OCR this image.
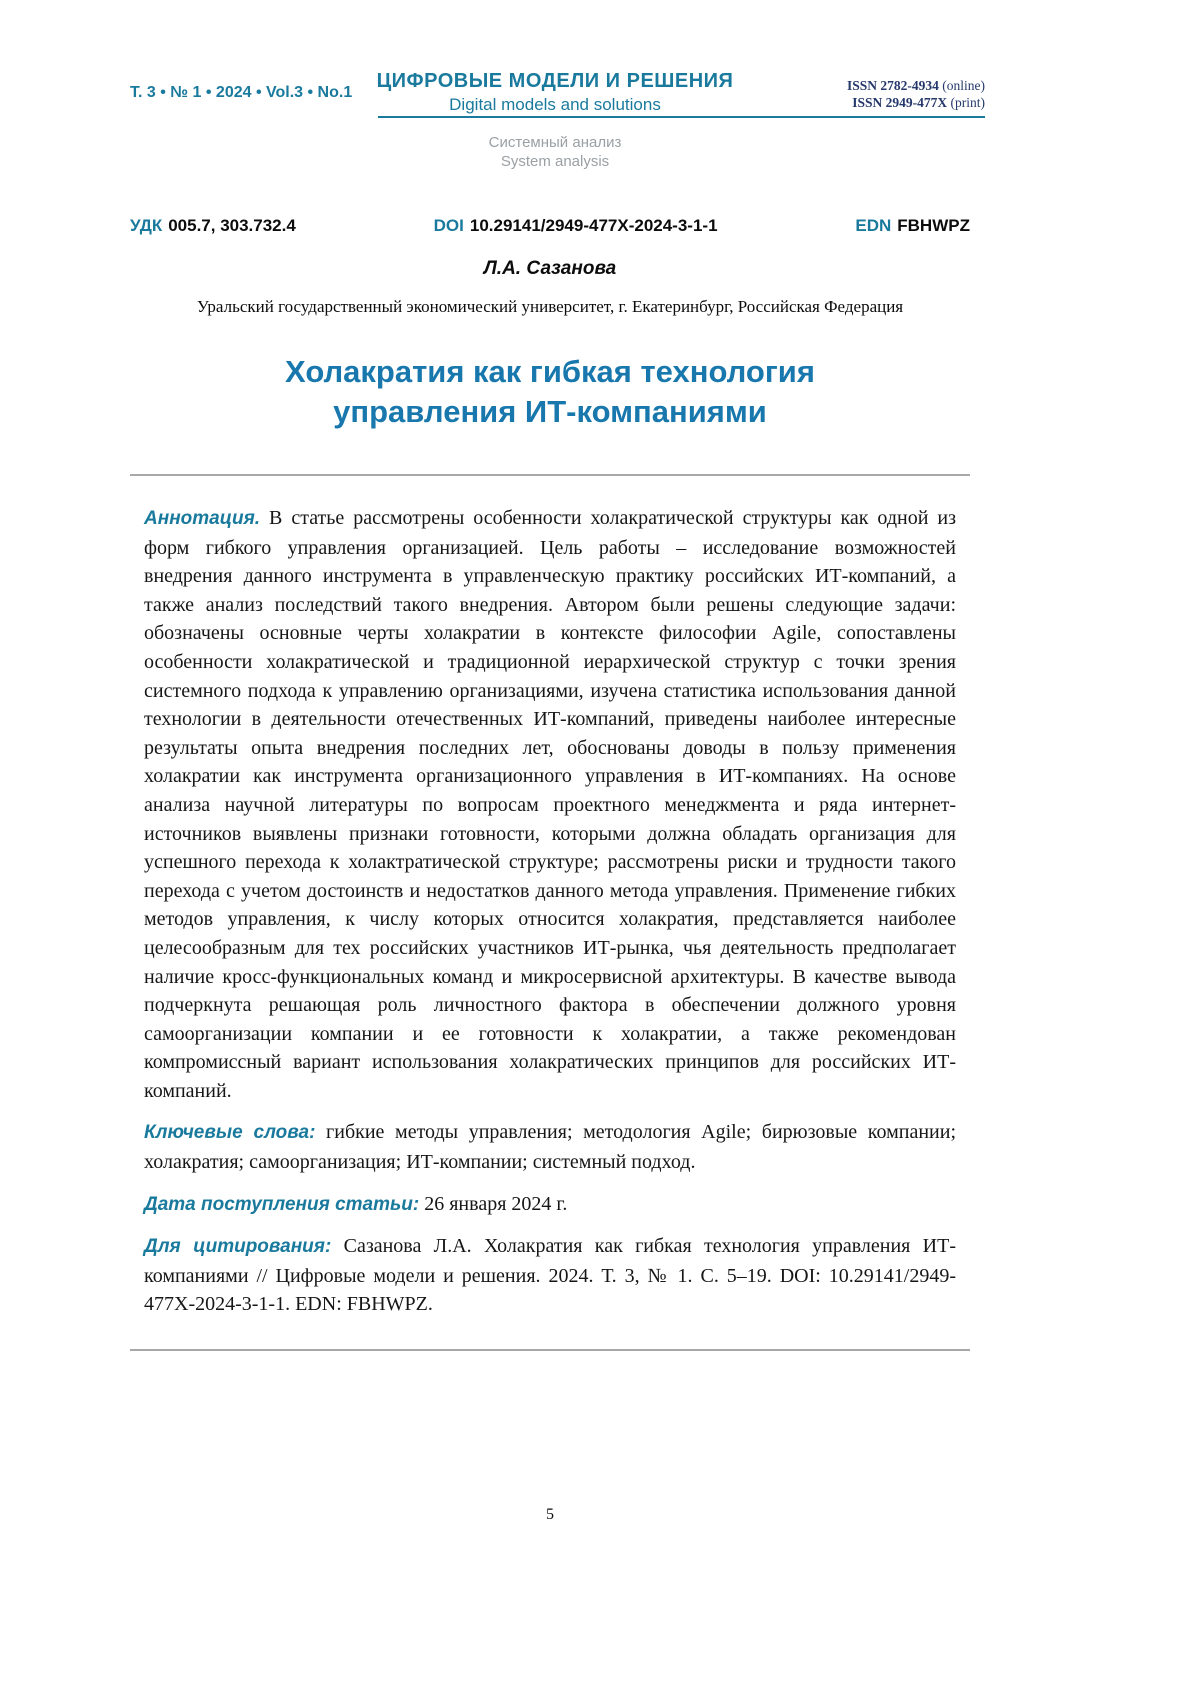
Т. 3 • № 1 • 2024 • Vol.3 • No.1
ЦИФРОВЫЕ МОДЕЛИ И РЕШЕНИЯ
Digital models and solutions
ISSN 2782-4934 (online)
ISSN 2949-477X (print)
Системный анализ
System analysis
УДК 005.7, 303.732.4	DOI 10.29141/2949-477X-2024-3-1-1	EDN FBHWPZ
Л.А. Сазанова
Уральский государственный экономический университет, г. Екатеринбург, Российская Федерация
Холакратия как гибкая технология
управления ИТ-компаниями

Аннотация. В статье рассмотрены особенности холакратической структуры как одной из форм гибкого управления организацией. Цель работы – исследование возможностей внедрения данного инструмента в управленческую практику российских ИТ-компаний, а также анализ последствий такого внедрения. Автором были решены следующие задачи: обозначены основные черты холакратии в контексте философии Agile, сопоставлены особенности холакратической и традиционной иерархической структур с точки зрения системного подхода к управлению организациями, изучена статистика использования данной технологии в деятельности отечественных ИТ-компаний, приведены наиболее интересные результаты опыта внедрения последних лет, обоснованы доводы в пользу применения холакратии как инструмента организационного управления в ИТ-компаниях. На основе анализа научной литературы по вопросам проектного менеджмента и ряда интернет-источников выявлены признаки готовности, которыми должна обладать организация для успешного перехода к холактратической структуре; рассмотрены риски и трудности такого перехода с учетом достоинств и недостатков данного метода управления. Применение гибких методов управления, к числу которых относится холакратия, представляется наиболее целесообразным для тех российских участников ИТ-рынка, чья деятельность предполагает наличие кросс-функциональных команд и микросервисной архитектуры. В качестве вывода подчеркнута решающая роль личностного фактора в обеспечении должного уровня самоорганизации компании и ее готовности к холакратии, а также рекомендован компромиссный вариант использования холакратических принципов для российских ИТ-компаний.

Ключевые слова: гибкие методы управления; методология Agile; бирюзовые компании; холакратия; самоорганизация; ИТ-компании; системный подход.

Дата поступления статьи: 26 января 2024 г.

Для цитирования: Сазанова Л.А. Холакратия как гибкая технология управления ИТ-компаниями // Цифровые модели и решения. 2024. Т. 3, № 1. С. 5–19. DOI: 10.29141/2949-477X-2024-3-1-1. EDN: FBHWPZ.

5
